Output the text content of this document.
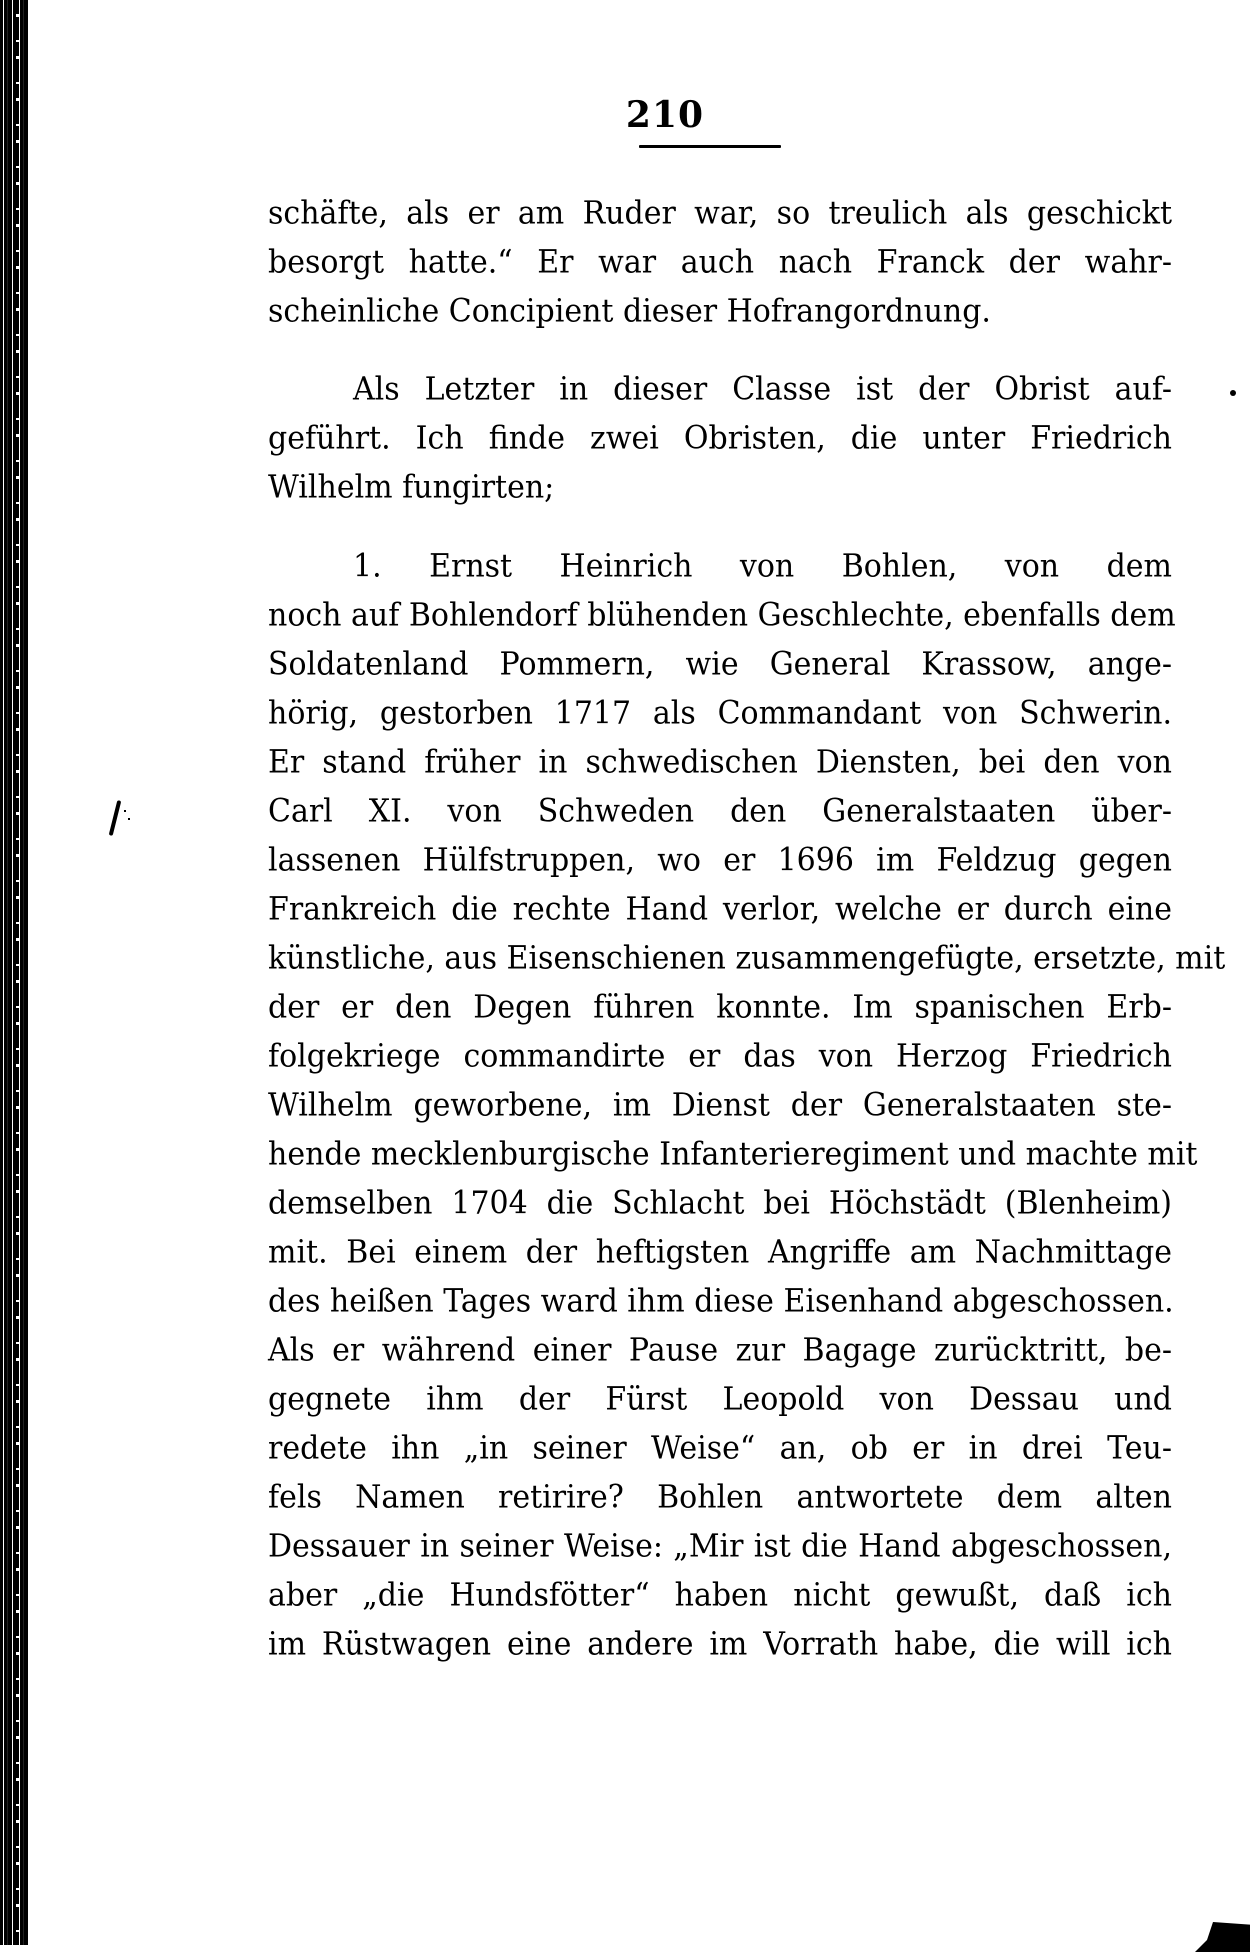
210
schäfte, als er am Ruder war, so treulich als geschickt
besorgt hatte.“ Er war auch nach Franck der wahr-
scheinliche Concipient dieser Hofrangordnung.
Als Letzter in dieser Classe ist der Obrist auf-
geführt. Ich finde zwei Obristen, die unter Friedrich
Wilhelm fungirten;
1. Ernst Heinrich von Bohlen, von dem
noch auf Bohlendorf blühenden Geschlechte, ebenfalls dem
Soldatenland Pommern, wie General Krassow, ange-
hörig, gestorben 1717 als Commandant von Schwerin.
Er stand früher in schwedischen Diensten, bei den von
Carl XI. von Schweden den Generalstaaten über-
lassenen Hülfstruppen, wo er 1696 im Feldzug gegen
Frankreich die rechte Hand verlor, welche er durch eine
künstliche, aus Eisenschienen zusammengefügte, ersetzte, mit
der er den Degen führen konnte. Im spanischen Erb-
folgekriege commandirte er das von Herzog Friedrich
Wilhelm geworbene, im Dienst der Generalstaaten ste-
hende mecklenburgische Infanterieregiment und machte mit
demselben 1704 die Schlacht bei Höchstädt (Blenheim)
mit. Bei einem der heftigsten Angriffe am Nachmittage
des heißen Tages ward ihm diese Eisenhand abgeschossen.
Als er während einer Pause zur Bagage zurücktritt, be-
gegnete ihm der Fürst Leopold von Dessau und
redete ihn „in seiner Weise“ an, ob er in drei Teu-
fels Namen retirire? Bohlen antwortete dem alten
Dessauer in seiner Weise: „Mir ist die Hand abgeschossen,
aber „die Hundsfötter“ haben nicht gewußt, daß ich
im Rüstwagen eine andere im Vorrath habe, die will ich
